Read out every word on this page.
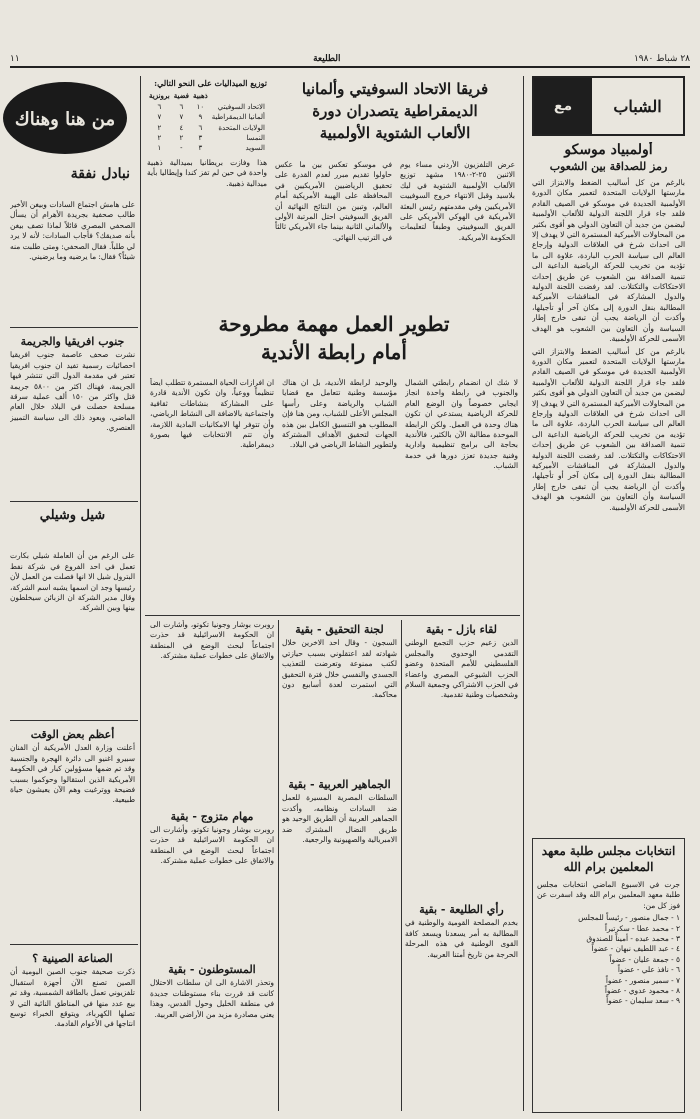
٢٨ شباط ١٩٨٠
الطليعة
١١
الشباب
مع
أولمبياد موسكو
رمز للصداقة بين الشعوب

بالرغم من كل أساليب الضغط والابتزاز التي مارستها الولايات المتحدة لتعمير مكان الدورة الأولمبية الجديدة في موسكو في الصيف القادم فلقد جاء قرار اللجنة الدولية للألعاب الأولمبية ليضمن من جديد أن التعاون الدولي هو أقوى بكثير من المحاولات الأميركية المستمرة التي لا يهدف إلا الى احداث شرخ في العلاقات الدولية وإرجاع العالم الى سياسة الحرب الباردة، علاوة الى ما تؤديه من تخريب للحركة الرياضية الداعية الى تنمية الصداقة بين الشعوب عن طريق إحداث الاحتكاكات والتكتلات. لقد رفضت اللجنة الدولية والدول المشاركة في المناقشات الأميركية المطالبة بنقل الدورة إلى مكان آخر أو تأجيلها، وأكدت أن الرياضة يجب أن تبقى خارج إطار السياسة وأن التعاون بين الشعوب هو الهدف الأسمى للحركة الأولمبية.

بالرغم من كل أساليب الضغط والابتزاز التي مارستها الولايات المتحدة لتعمير مكان الدورة الأولمبية الجديدة في موسكو في الصيف القادم فلقد جاء قرار اللجنة الدولية للألعاب الأولمبية ليضمن من جديد أن التعاون الدولي هو أقوى بكثير من المحاولات الأميركية المستمرة التي لا يهدف إلا الى احداث شرخ في العلاقات الدولية وإرجاع العالم الى سياسة الحرب الباردة، علاوة الى ما تؤديه من تخريب للحركة الرياضية الداعية الى تنمية الصداقة بين الشعوب عن طريق إحداث الاحتكاكات والتكتلات. لقد رفضت اللجنة الدولية والدول المشاركة في المناقشات الأميركية المطالبة بنقل الدورة إلى مكان آخر أو تأجيلها، وأكدت أن الرياضة يجب أن تبقى خارج إطار السياسة وأن التعاون بين الشعوب هو الهدف الأسمى للحركة الأولمبية.

انتخابات مجلس طلبة معهد المعلمين برام الله

جرت في الاسبوع الماضي انتخابات مجلس طلبة معهد المعلمين برام الله وقد اسفرت عن فوز كل من:

١ - جمال منصور - رئيساً للمجلس
٢ - محمد عطا - سكرتيراً
٣ - محمد عبده - أميناً للصندوق
٤ - عبد اللطيف نبهان - عضواً
٥ - جمعة عليان - عضواً
٦ - نافذ علي - عضواً
٧ - سمير منصور - عضواً
٨ - محمود عدوي - عضواً
٩ - سعد سليمان - عضواً
فريقا الاتحاد السوفيتي وألمانيا
الديمقراطية يتصدران دورة
الألعاب الشتوية الأولمبية

عرض التلفزيون الأردني مساء يوم الاثنين ٢٥-٢-١٩٨٠ مشهد توزيع الألعاب الأولمبية الشتوية في ليك بلاسيد وقبل الانتهاء خروج السوفييت الأمريكيين وفي مقدمتهم رئيس البعثة الأمريكية في الهوكي الأمريكي على الفريق السوفييتي وطبقاً لتعليمات الحكومة الأمريكية.

في موسكو تعكس بين ما عكس حاولوا تقديم مبرر لعدم القدرة على تحقيق الرياضيين الأمريكيين في المحافظة على الهيبة الأمريكية أمام العالم، وتبين من النتائج النهائية أن الفريق السوفيتي احتل المرتبة الأولى والألماني الثانية بينما جاء الأمريكي ثالثاً في الترتيب النهائي.

توزيع الميداليات على النحو التالي:
	ذهبية	فضية	برونزية
الاتحاد السوفيتي	١٠	٦	٦
ألمانيا الديمقراطية	٩	٧	٧
الولايات المتحدة	٦	٤	٢
النمسا	٣	٢	٢
السويد	٣	-	١

هذا وفازت بريطانيا بميدالية ذهبية واحدة في حين لم تفز كندا وإيطاليا بأية ميدالية ذهبية.

من هنا وهناك
نبادل نفقة

على هامش اجتماع السادات وبيغن الأخير طالب صحفية بجريدة الأهرام أن يسأل الصحفي المصري قائلاً لماذا تصف بيغن بأنه صديقك؟ فأجاب السادات: لأنه لا يرد لي طلباً. فقال الصحفي: ومتى طلبت منه شيئاً؟ فقال: ما يرضيه وما يرضيني.

جنوب افريقيا والجريمة

نشرت صحف عاصمة جنوب افريقيا احصائيات رسمية تفيد ان جنوب افريقيا تعتبر في مقدمة الدول التي تنتشر فيها الجريمة، فهناك اكثر من ٥٨٠٠ جريمة قتل واكثر من ١٥٠ ألف عملية سرقة مسلحة حصلت في البلاد خلال العام الماضي، ويعود ذلك الى سياسة التمييز العنصري.

شيل وشيلي

على الرغم من أن العاملة شيلي بكارت تعمل في احد الفروع في شركة نفط البترول شيل الا انها فصلت من العمل لأن رئيسها وجد ان اسمها يشبه اسم الشركة، وقال مدير الشركة ان الزبائن سيخلطون بينها وبين الشركة.

أعظم بعض الوقت

أعلنت وزارة العدل الأمريكية أن الفنان سبيرو اغنيو الى دائرة الهجرة والجنسية وقد تم ضمها مسؤولين كبار في الحكومة الأمريكية الذين استقالوا وحوكموا بسبب فضيحة ووترغيت وهم الآن يعيشون حياة طبيعية.

الصناعة الصينية ؟

ذكرت صحيفة جنوب الصين اليومية أن الصين تصنع الآن أجهزة استقبال تلفزيوني تعمل بالطاقة الشمسية، وقد تم بيع عدد منها في المناطق النائية التي لا تصلها الكهرباء، ويتوقع الخبراء توسع انتاجها في الأعوام القادمة.

تطوير العمل مهمة مطروحة
أمام رابطة الأندية

لا شك ان انضمام رابطتي الشمال والجنوب في رابطة واحدة انجاز ايجابي خصوصاً وان الوضع العام للحركة الرياضية يستدعي ان تكون هناك وحدة في العمل. ولكن الرابطة الموحدة مطالبة الآن بالكثير، فالأندية بحاجة الى برامج تنظيمية وادارية وفنية جديدة تعزز دورها في خدمة الشباب.

والوحيد لرابطة الأندية، بل ان هناك مؤسسة وطنية تتعامل مع قضايا الشباب والرياضة وعلى رأسها المجلس الأعلى للشباب، ومن هنا فإن المطلوب هو التنسيق الكامل بين هذه الجهات لتحقيق الأهداف المشتركة ولتطوير النشاط الرياضي في البلاد.

ان افرازات الحياة المستمرة تتطلب ايضاً تنظيماً ووعياً، وان تكون الأندية قادرة على المشاركة بنشاطات ثقافية واجتماعية بالاضافة الى النشاط الرياضي، وأن تتوفر لها الامكانيات المادية اللازمة، وأن تتم الانتخابات فيها بصورة ديمقراطية.

لقاء بازل - بقية

الدين زعيم حزب التجمع الوطني التقدمي الوحدوي والمجلس الفلسطيني للأمم المتحدة وعضو الحزب الشيوعي المصري واعضاء في الحزب الاشتراكي وجمعية السلام وشخصيات وطنية تقدمية.

لجنة التحقيق - بقية

السجون - وقال احد الاخرين خلال شهادته لقد اعتقلوني بسبب حيازتي لكتب ممنوعة وتعرضت للتعذيب الجسدي والنفسي خلال فترة التحقيق التي استمرت لعدة أسابيع دون محاكمة.

الجماهير العربية - بقية

السلطات المصرية المسيرة للعمل ضد السادات ونظامه، وأكدت الجماهير العربية أن الطريق الوحيد هو طريق النضال المشترك ضد الامبريالية والصهيونية والرجعية.

روبرت بوشار وجونيا تكوتو، وأشارت الى ان الحكومة الاسرائيلية قد حذرت اجتماعاً لبحث الوضع في المنطقة والاتفاق على خطوات عملية مشتركة.

مهام متزوج - بقية

روبرت بوشار وجونيا تكوتو، وأشارت الى ان الحكومة الاسرائيلية قد حذرت اجتماعاً لبحث الوضع في المنطقة والاتفاق على خطوات عملية مشتركة.

المستوطنون - بقية

وتحذر الاشارة الى ان سلطات الاحتلال كانت قد قررت بناء مستوطنات جديدة في منطقة الخليل وحول القدس، وهذا يعني مصادرة مزيد من الأراضي العربية.

رأي الطليعة - بقية

بخدم المصلحة القومية والوطنية في المطالبة به أمر يسعدنا ويسعد كافة القوى الوطنية في هذه المرحلة الحرجة من تاريخ أمتنا العربية.
